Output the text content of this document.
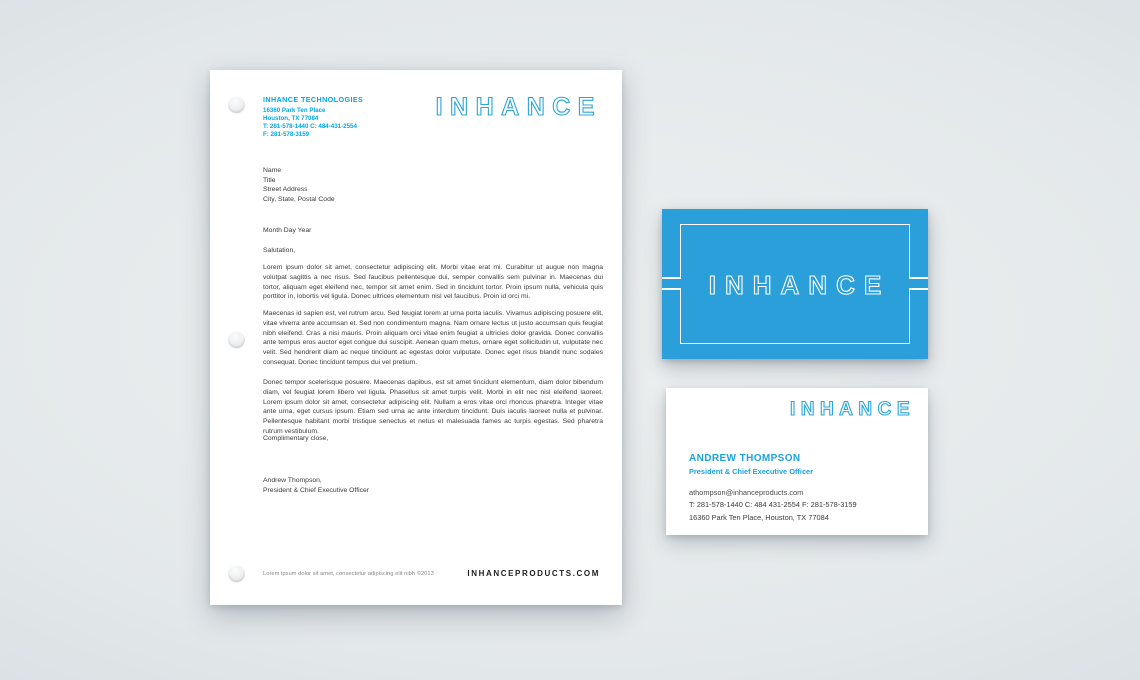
INHANCE TECHNOLOGIES
16360 Park Ten Place
Houston, TX 77084
T: 281-578-1440 C: 484-431-2554
F: 281-578-3159
INHANCE
Name
Title
Street Address
City, State, Postal Code
Month Day Year
Salutation,

Lorem ipsum dolor sit amet, consectetur adipiscing elit. Morbi vitae erat mi. Curabitur ut augue non magna volutpat sagittis a nec risus. Sed faucibus pellentesque dui, semper convallis sem pulvinar in. Maecenas dui tortor, aliquam eget eleifend nec, tempor sit amet enim. Sed in tincidunt tortor. Proin ipsum nulla, vehicula quis porttitor in, lobortis vel ligula. Donec ultrices elementum nisl vel faucibus. Proin id orci mi.

Maecenas id sapien est, vel rutrum arcu. Sed feugiat lorem at urna porta iaculis. Vivamus adipiscing posuere elit, vitae viverra ante accumsan et. Sed non condimentum magna. Nam ornare lectus ut justo accumsan quis feugiat nibh eleifend. Cras a nisi mauris. Proin aliquam orci vitae enim feugiat a ultricies dolor gravida. Donec convallis ante tempus eros auctor eget congue dui suscipit. Aenean quam metus, ornare eget sollicitudin ut, vulputate nec velit. Sed hendrerit diam ac neque tincidunt ac egestas dolor vulputate. Donec eget risus blandit nunc sodales consequat. Donec tincidunt tempus dui vel pretium.

Donec tempor scelerisque posuere. Maecenas dapibus, est sit amet tincidunt elementum, diam dolor bibendum diam, vel feugiat lorem libero vel ligula. Phasellus sit amet turpis velit. Morbi in elit nec nisl eleifend laoreet. Lorem ipsum dolor sit amet, consectetur adipiscing elit. Nullam a eros vitae orci rhoncus pharetra. Integer vitae ante urna, eget cursus ipsum. Etiam sed urna ac ante interdum tincidunt. Duis iaculis laoreet nulla et pulvinar. Pellentesque habitant morbi tristique senectus et netus et malesuada fames ac turpis egestas. Sed pharetra rutrum vestibulum.

Complimentary close,
Andrew Thompson,
President & Chief Executive Officer
Lorem ipsum dolor sit amet, consectetur adipiscing elit nibh ©2013	INHANCEPRODUCTS.COM
INHANCE
INHANCE
ANDREW THOMPSON
President & Chief Executive Officer
athompson@inhanceproducts.com
T: 281-578-1440 C: 484 431-2554 F: 281-578-3159
16360 Park Ten Place, Houston, TX 77084
